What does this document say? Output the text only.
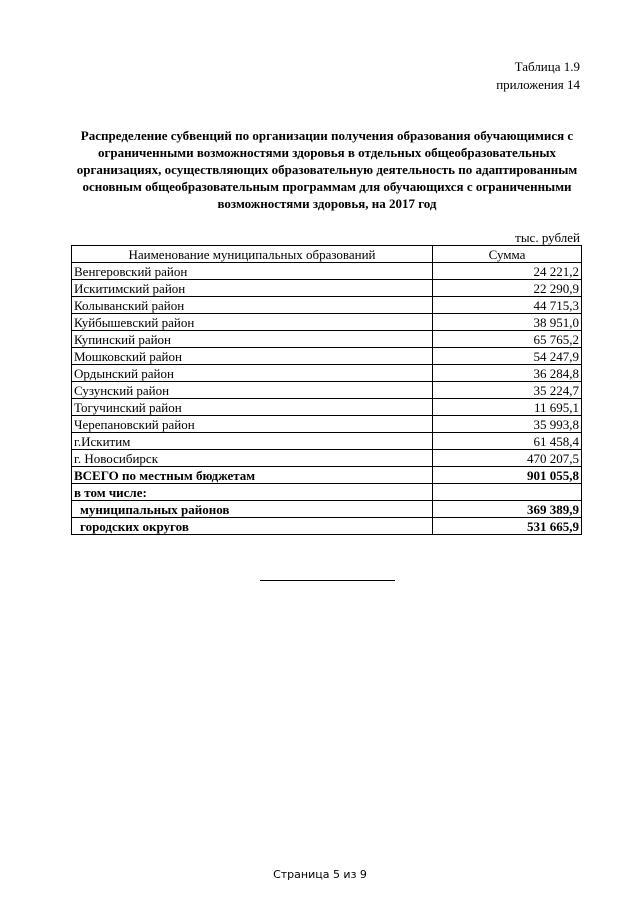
Таблица 1.9
приложения 14
Распределение субвенций по организации получения образования обучающимися с ограниченными возможностями здоровья в отдельных общеобразовательных организациях, осуществляющих образовательную деятельность по адаптированным основным общеобразовательным программам для обучающихся с ограниченными возможностями здоровья, на 2017 год
тыс. рублей
Наименование муниципальных образований	Сумма
Венгеровский район	24 221,2
Искитимский район	22 290,9
Колыванский район	44 715,3
Куйбышевский район	38 951,0
Купинский район	65 765,2
Мошковский район	54 247,9
Ордынский район	36 284,8
Сузунский район	35 224,7
Тогучинский район	11 695,1
Черепановский район	35 993,8
г.Искитим	61 458,4
г. Новосибирск	470 207,5
ВСЕГО по местным бюджетам	901 055,8
в том числе:	
муниципальных районов	369 389,9
городских округов	531 665,9
Страница 5 из 9
